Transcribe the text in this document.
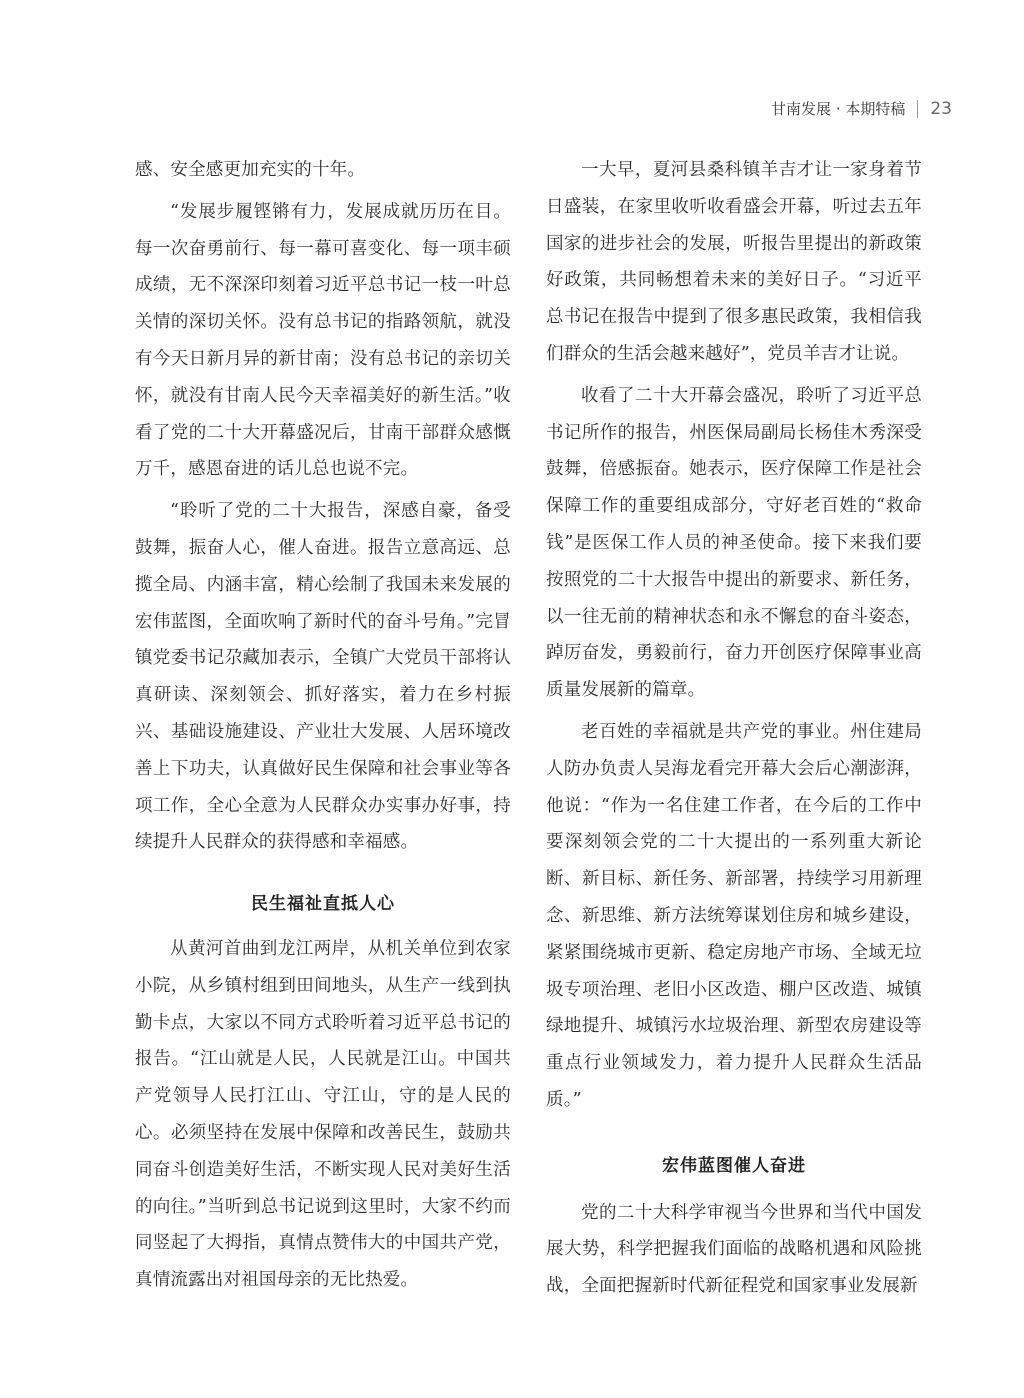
甘南发展 · 本期特稿 23

感、安全感更加充实的十年。

“发展步履铿锵有力，发展成就历历在目。每一次奋勇前行、每一幕可喜变化、每一项丰硕成绩，无不深深印刻着习近平总书记一枝一叶总关情的深切关怀。没有总书记的指路领航，就没有今天日新月异的新甘南；没有总书记的亲切关怀，就没有甘南人民今天幸福美好的新生活。”收看了党的二十大开幕盛况后，甘南干部群众感慨万千，感恩奋进的话儿总也说不完。

“聆听了党的二十大报告，深感自豪，备受鼓舞，振奋人心，催人奋进。报告立意高远、总揽全局、内涵丰富，精心绘制了我国未来发展的宏伟蓝图，全面吹响了新时代的奋斗号角。”完冒镇党委书记尕藏加表示，全镇广大党员干部将认真研读、深刻领会、抓好落实，着力在乡村振兴、基础设施建设、产业壮大发展、人居环境改善上下功夫，认真做好民生保障和社会事业等各项工作，全心全意为人民群众办实事办好事，持续提升人民群众的获得感和幸福感。

民生福祉直抵人心

从黄河首曲到龙江两岸，从机关单位到农家小院，从乡镇村组到田间地头，从生产一线到执勤卡点，大家以不同方式聆听着习近平总书记的报告。“江山就是人民，人民就是江山。中国共产党领导人民打江山、守江山，守的是人民的心。必须坚持在发展中保障和改善民生，鼓励共同奋斗创造美好生活，不断实现人民对美好生活的向往。”当听到总书记说到这里时，大家不约而同竖起了大拇指，真情点赞伟大的中国共产党，真情流露出对祖国母亲的无比热爱。

一大早，夏河县桑科镇羊吉才让一家身着节日盛装，在家里收听收看盛会开幕，听过去五年国家的进步社会的发展，听报告里提出的新政策好政策，共同畅想着未来的美好日子。“习近平总书记在报告中提到了很多惠民政策，我相信我们群众的生活会越来越好”，党员羊吉才让说。

收看了二十大开幕会盛况，聆听了习近平总书记所作的报告，州医保局副局长杨佳木秀深受鼓舞，倍感振奋。她表示，医疗保障工作是社会保障工作的重要组成部分，守好老百姓的“救命钱”是医保工作人员的神圣使命。接下来我们要按照党的二十大报告中提出的新要求、新任务，以一往无前的精神状态和永不懈怠的奋斗姿态，踔厉奋发，勇毅前行，奋力开创医疗保障事业高质量发展新的篇章。

老百姓的幸福就是共产党的事业。州住建局人防办负责人吴海龙看完开幕大会后心潮澎湃，他说：“作为一名住建工作者，在今后的工作中要深刻领会党的二十大提出的一系列重大新论断、新目标、新任务、新部署，持续学习用新理念、新思维、新方法统筹谋划住房和城乡建设，紧紧围绕城市更新、稳定房地产市场、全域无垃圾专项治理、老旧小区改造、棚户区改造、城镇绿地提升、城镇污水垃圾治理、新型农房建设等重点行业领域发力，着力提升人民群众生活品质。”

宏伟蓝图催人奋进

党的二十大科学审视当今世界和当代中国发展大势，科学把握我们面临的战略机遇和风险挑战，全面把握新时代新征程党和国家事业发展新
